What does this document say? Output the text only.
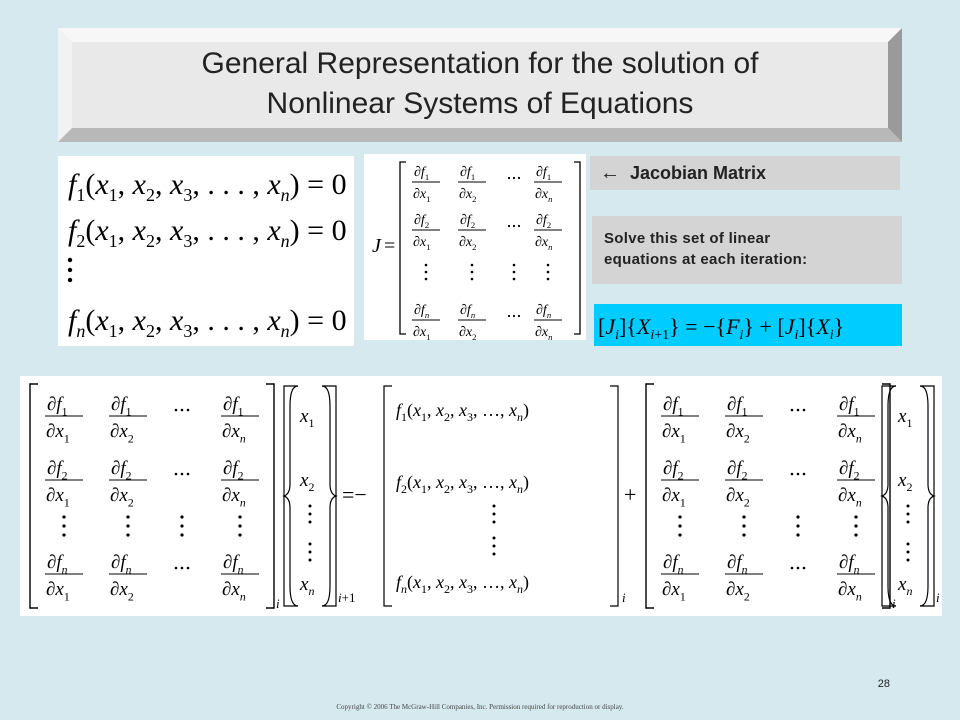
General Representation for the solution of
Nonlinear Systems of Equations
$f_1(x_1$, $x_2$, $x_3$, . . . , $x_n) = 0$
$f_2(x_1$, $x_2$, $x_3$, . . . , $x_n) = 0$
$f_n(x_1$, $x_2$, $x_3$, . . . , $x_n) = 0$
J =
$\partial f_1$
$\partial x_1$
$\partial f_1$
$\partial x_2$
$\partial f_1$
$\partial x_n$
$\partial f_2$
$\partial x_1$
$\partial f_2$
$\partial x_2$
$\partial f_2$
$\partial x_n$
$\partial f_n$
$\partial x_1$
$\partial f_n$
$\partial x_2$
$\partial f_n$
$\partial x_n$
← Jacobian Matrix
Solve this set of linear
equations at each iteration:
$[J_i]\{X_i+1\} = -\{F_i\} + [J_i]\{X_i\}$
$\partial f_1$
$\partial x_1$
$\partial f_1$
$\partial x_2$
$\partial f_1$
$\partial x_n$
$\partial f_2$
$\partial x_1$
$\partial f_2$
$\partial x_2$
$\partial f_2$
$\partial x_n$
$\partial f_n$
$\partial x_1$
$\partial f_n$
$\partial x_2$
$\partial f_n$
$\partial x_n$ i
$x_1$
$x_2$
$x_n$ i+1
=−
$f_1(x_1$, $x_2$, $x_3$, …, $x_n$)
$f_2(x_1$, $x_2$, $x_3$, …, $x_n$)
$f_n(x_1$, $x_2$, $x_3$, …, $x_n$)
i
+
$\partial f_1$
$\partial x_1$
$\partial f_1$
$\partial x_2$
$\partial f_1$
$\partial x_n$
$\partial f_2$
$\partial x_1$
$\partial f_2$
$\partial x_2$
$\partial f_2$
$\partial x_n$
$\partial f_n$
$\partial x_1$
$\partial f_n$
$\partial x_2$
$\partial f_n$
$\partial x_n$ i
$x_1$
$x_2$
$x_n$ i
28
Copyright © 2006 The McGraw-Hill Companies, Inc. Permission required for reproduction or display.
